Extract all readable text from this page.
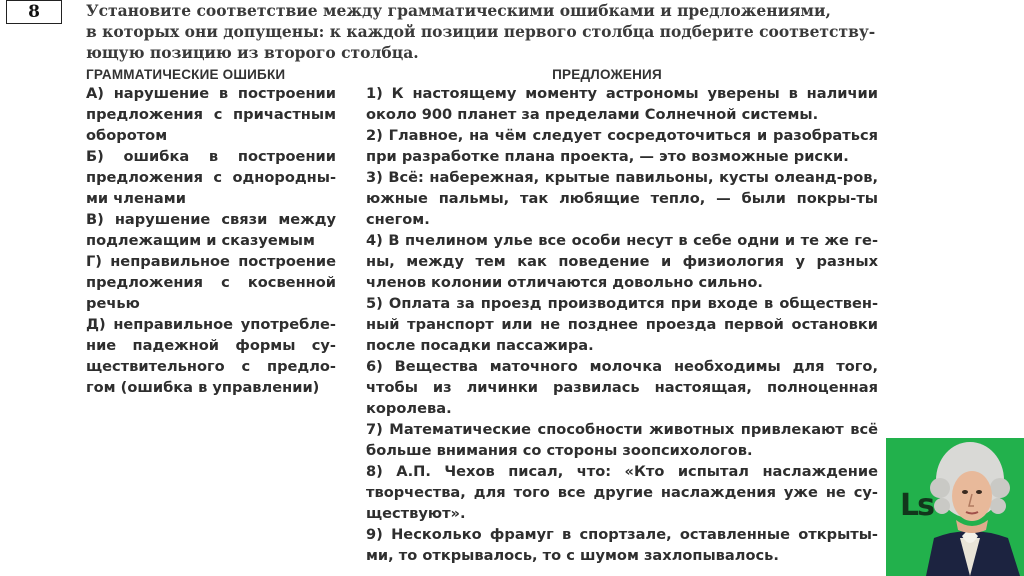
8	Установите соответствие между грамматическими ошибками и предложениями,
в которых они допущены: к каждой позиции первого столбца подберите соответству-
ющую позицию из второго столбца.

ГРАММАТИЧЕСКИЕ ОШИБКИ
А) нарушение в построении предложения с причастным оборотом
Б) ошибка в построении предложения с однородны-ми членами
В) нарушение связи между подлежащим и сказуемым
Г) неправильное построение предложения с косвенной речью
Д) неправильное употребле-ние падежной формы су-ществительного с предло-гом (ошибка в управлении)
ПРЕДЛОЖЕНИЯ
1) К настоящему моменту астрономы уверены в наличии около 900 планет за пределами Солнечной системы.
2) Главное, на чём следует сосредоточиться и разобраться при разработке плана проекта, — это возможные риски.
3) Всё: набережная, крытые павильоны, кусты олеанд-ров, южные пальмы, так любящие тепло, — были покры-ты снегом.
4) В пчелином улье все особи несут в себе одни и те же ге-ны, между тем как поведение и физиология у разных членов колонии отличаются довольно сильно.
5) Оплата за проезд производится при входе в обществен-ный транспорт или не позднее проезда первой остановки после посадки пассажира.
6) Вещества маточного молочка необходимы для того, чтобы из личинки развилась настоящая, полноценная королева.
7) Математические способности животных привлекают всё больше внимания со стороны зоопсихологов.
8) А.П. Чехов писал, что: «Кто испытал наслаждение творчества, для того все другие наслаждения уже не су-ществуют».
9) Несколько фрамуг в спортзале, оставленные открыты-ми, то открывалось, то с шумом захлопывалось.
Ls
